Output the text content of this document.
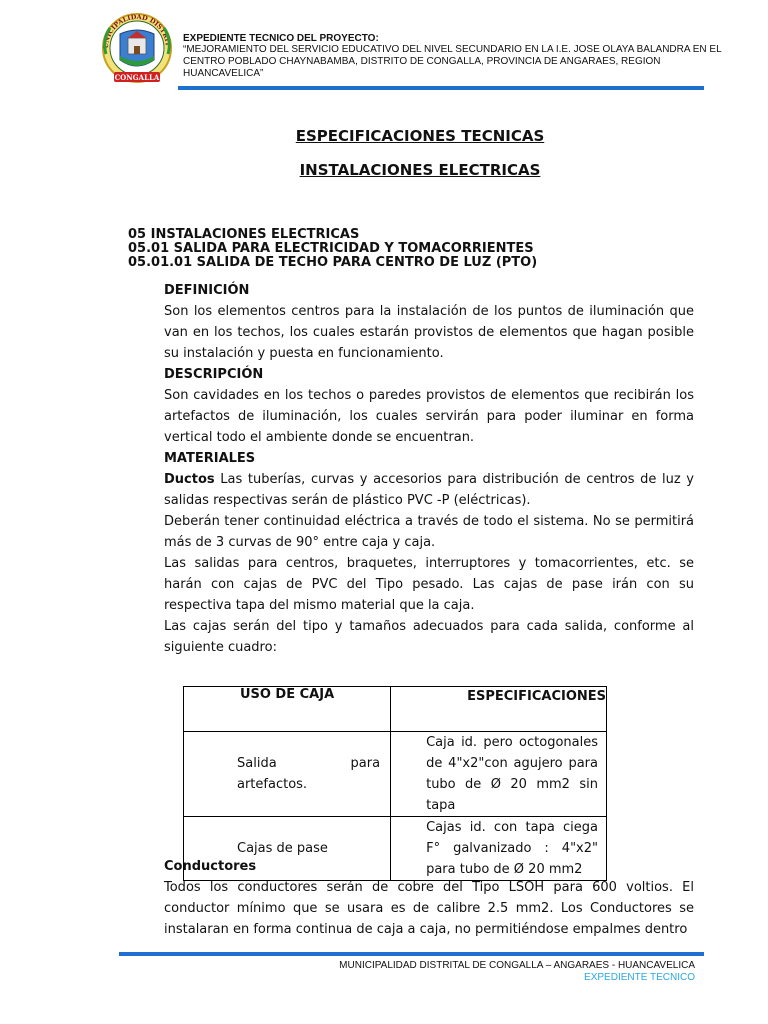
UNICIPALIDAD DISTRIT
CONGALLA
EXPEDIENTE TECNICO DEL PROYECTO:
“MEJORAMIENTO DEL SERVICIO EDUCATIVO DEL NIVEL SECUNDARIO EN LA I.E. JOSE OLAYA BALANDRA EN EL CENTRO POBLADO CHAYNABAMBA, DISTRITO DE CONGALLA, PROVINCIA DE ANGARAES, REGION HUANCAVELICA”
ESPECIFICACIONES TECNICAS
INSTALACIONES ELECTRICAS
05 INSTALACIONES ELECTRICAS
05.01 SALIDA PARA ELECTRICIDAD Y TOMACORRIENTES
05.01.01 SALIDA DE TECHO PARA CENTRO DE LUZ (PTO)

DEFINICIÓN

Son los elementos centros para la instalación de los puntos de iluminación que van en los techos, los cuales estarán provistos de elementos que hagan posible su instalación y puesta en funcionamiento.

DESCRIPCIÓN

Son cavidades en los techos o paredes provistos de elementos que recibirán los artefactos de iluminación, los cuales servirán para poder iluminar en forma vertical todo el ambiente donde se encuentran.

MATERIALES

Ductos Las tuberías, curvas y accesorios para distribución de centros de luz y salidas respectivas serán de plástico PVC -P (eléctricas).

Deberán tener continuidad eléctrica a través de todo el sistema. No se permitirá más de 3 curvas de 90° entre caja y caja.

Las salidas para centros, braquetes, interruptores y tomacorrientes, etc. se harán con cajas de PVC del Tipo pesado. Las cajas de pase irán con su respectiva tapa del mismo material que la caja.

Las cajas serán del tipo y tamaños adecuados para cada salida, conforme al siguiente cuadro:

USO DE CAJA	ESPECIFICACIONES
Salida para artefactos.	Caja id. pero octogonales de 4"x2"con agujero para tubo de Ø 20 mm2 sin tapa
Cajas de pase	Cajas id. con tapa ciega F° galvanizado : 4"x2" para tubo de Ø 20 mm2

Conductores

Todos los conductores serán de cobre del Tipo LSOH para 600 voltios. El conductor mínimo que se usara es de calibre 2.5 mm2. Los Conductores se instalaran en forma continua de caja a caja, no permitiéndose empalmes dentro

MUNICIPALIDAD DISTRITAL DE CONGALLA – ANGARAES - HUANCAVELICA
EXPEDIENTE TECNICO
